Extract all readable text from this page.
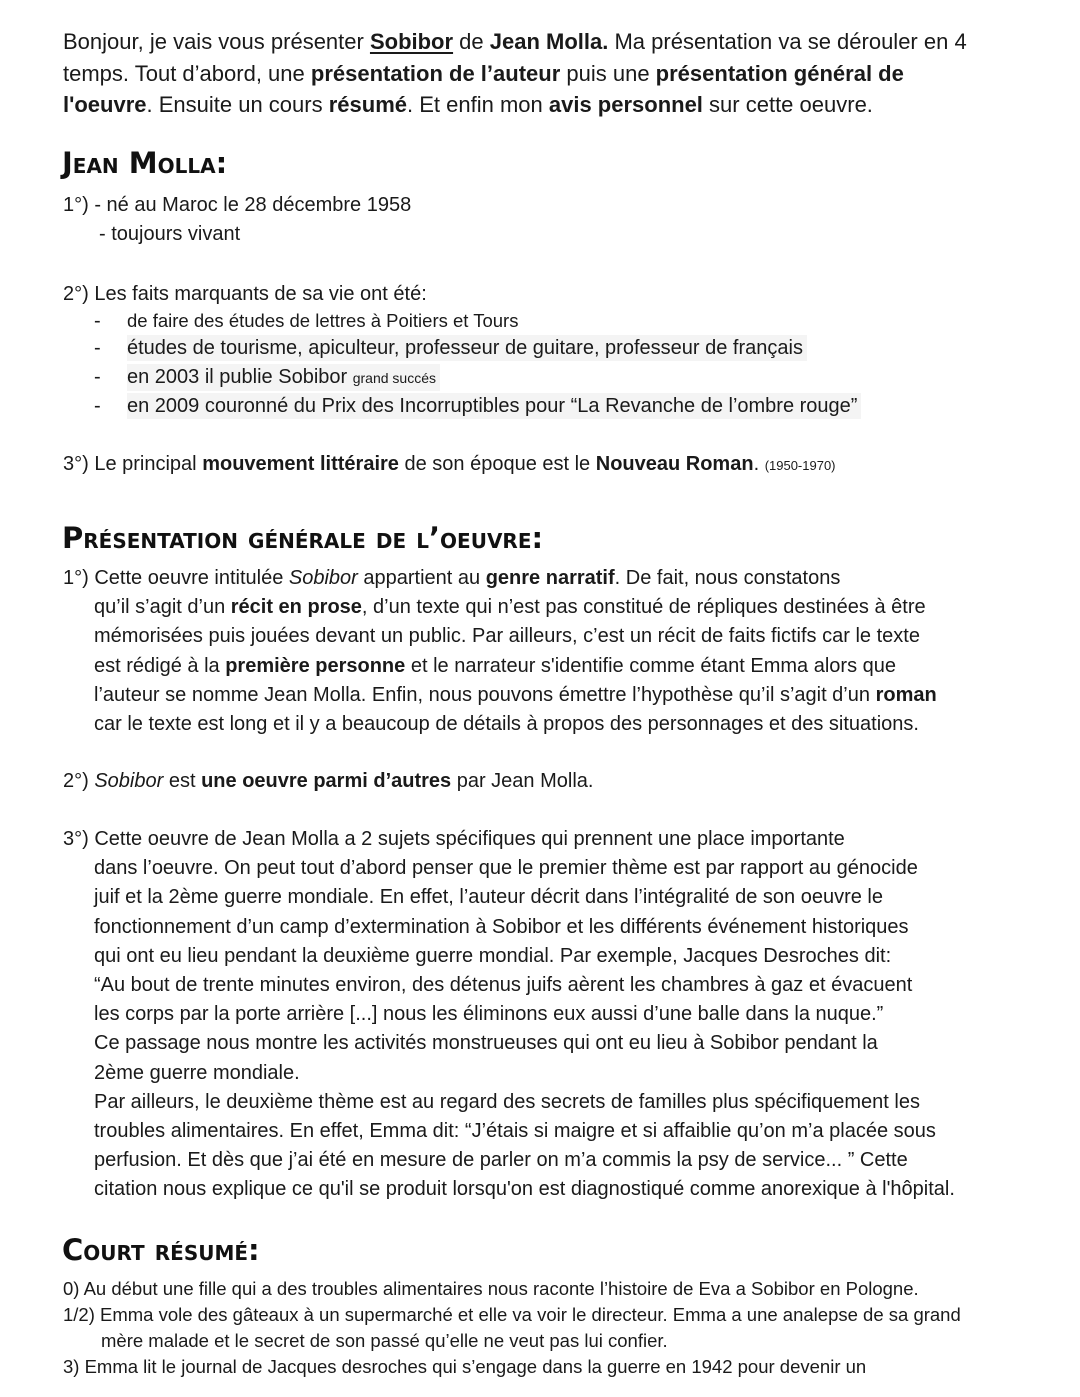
Bonjour, je vais vous présenter Sobibor de Jean Molla. Ma présentation va se dérouler en 4
temps. Tout d’abord, une présentation de l’auteur puis une présentation général de
l'oeuvre. Ensuite un cours résumé. Et enfin mon avis personnel sur cette oeuvre.
Jean Molla:
1°) - né au Maroc le 28 décembre 1958
- toujours vivant
2°) Les faits marquants de sa vie ont été:
-	de faire des études de lettres à Poitiers et Tours
-	études de tourisme, apiculteur, professeur de guitare, professeur de français
-	en 2003 il publie Sobibor grand succés
-	en 2009 couronné du Prix des Incorruptibles pour “La Revanche de l’ombre rouge”
3°) Le principal mouvement littéraire de son époque est le Nouveau Roman. (1950-1970)
Présentation générale de l’oeuvre:
1°) Cette oeuvre intitulée Sobibor appartient au genre narratif. De fait, nous constatons
qu’il s’agit d’un récit en prose, d’un texte qui n’est pas constitué de répliques destinées à être
mémorisées puis jouées devant un public. Par ailleurs, c’est un récit de faits fictifs car le texte
est rédigé à la première personne et le narrateur s'identifie comme étant Emma alors que
l’auteur se nomme Jean Molla. Enfin, nous pouvons émettre l’hypothèse qu’il s’agit d’un roman
car le texte est long et il y a beaucoup de détails à propos des personnages et des situations.
2°) Sobibor est une oeuvre parmi d’autres par Jean Molla.
3°) Cette oeuvre de Jean Molla a 2 sujets spécifiques qui prennent une place importante
dans l’oeuvre. On peut tout d’abord penser que le premier thème est par rapport au génocide
juif et la 2ème guerre mondiale. En effet, l’auteur décrit dans l’intégralité de son oeuvre le
fonctionnement d’un camp d’extermination à Sobibor et les différents événement historiques
qui ont eu lieu pendant la deuxième guerre mondial. Par exemple, Jacques Desroches dit:
“Au bout de trente minutes environ, des détenus juifs aèrent les chambres à gaz et évacuent
les corps par la porte arrière [...] nous les éliminons eux aussi d’une balle dans la nuque.”
Ce passage nous montre les activités monstrueuses qui ont eu lieu à Sobibor pendant la
2ème guerre mondiale.
Par ailleurs, le deuxième thème est au regard des secrets de familles plus spécifiquement les
troubles alimentaires. En effet, Emma dit: “J’étais si maigre et si affaiblie qu’on m’a placée sous
perfusion. Et dès que j’ai été en mesure de parler on m’a commis la psy de service... ” Cette
citation nous explique ce qu'il se produit lorsqu'on est diagnostiqué comme anorexique à l'hôpital.
Court résumé:
0) Au début une fille qui a des troubles alimentaires nous raconte l’histoire de Eva a Sobibor en Pologne.
1/2) Emma vole des gâteaux à un supermarché et elle va voir le directeur. Emma a une analepse de sa grand
mère malade et le secret de son passé qu’elle ne veut pas lui confier.
3) Emma lit le journal de Jacques desroches qui s’engage dans la guerre en 1942 pour devenir un
